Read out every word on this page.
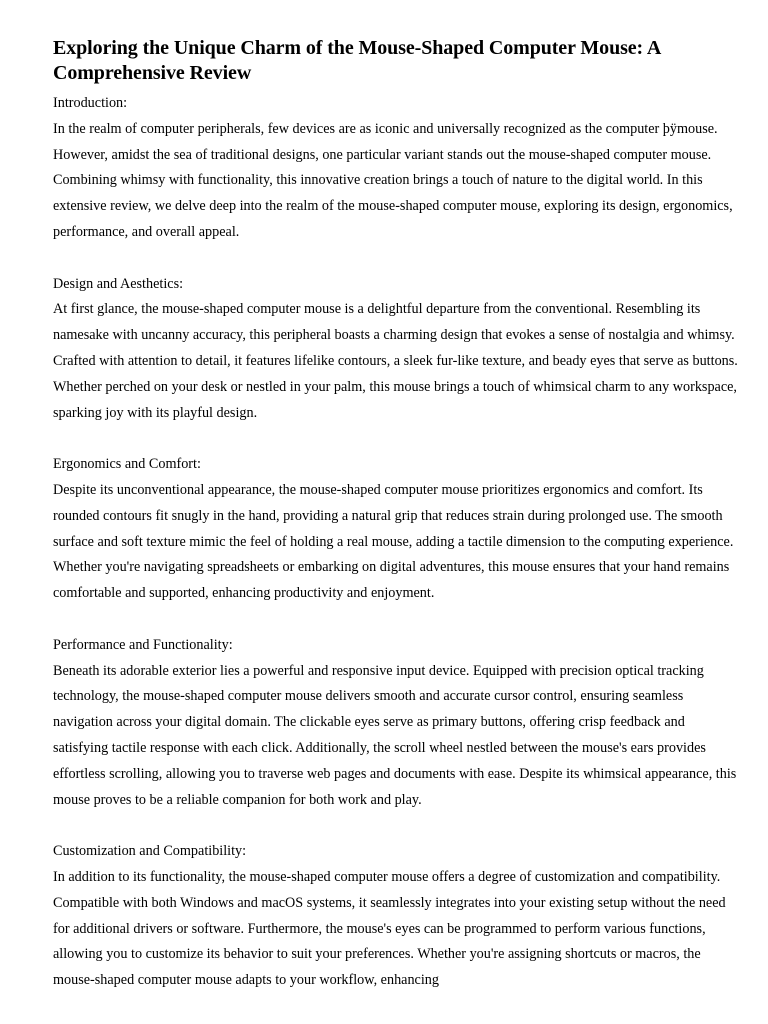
Exploring the Unique Charm of the Mouse-Shaped Computer Mouse: A Comprehensive Review

Introduction:

In the realm of computer peripherals, few devices are as iconic and universally recognized as the computer þÿmouse. However, amidst the sea of traditional designs, one particular variant stands out the mouse-shaped computer mouse. Combining whimsy with functionality, this innovative creation brings a touch of nature to the digital world. In this extensive review, we delve deep into the realm of the mouse-shaped computer mouse, exploring its design, ergonomics, performance, and overall appeal.

Design and Aesthetics:

At first glance, the mouse-shaped computer mouse is a delightful departure from the conventional. Resembling its namesake with uncanny accuracy, this peripheral boasts a charming design that evokes a sense of nostalgia and whimsy. Crafted with attention to detail, it features lifelike contours, a sleek fur-like texture, and beady eyes that serve as buttons. Whether perched on your desk or nestled in your palm, this mouse brings a touch of whimsical charm to any workspace, sparking joy with its playful design.

Ergonomics and Comfort:

Despite its unconventional appearance, the mouse-shaped computer mouse prioritizes ergonomics and comfort. Its rounded contours fit snugly in the hand, providing a natural grip that reduces strain during prolonged use. The smooth surface and soft texture mimic the feel of holding a real mouse, adding a tactile dimension to the computing experience. Whether you're navigating spreadsheets or embarking on digital adventures, this mouse ensures that your hand remains comfortable and supported, enhancing productivity and enjoyment.

Performance and Functionality:

Beneath its adorable exterior lies a powerful and responsive input device. Equipped with precision optical tracking technology, the mouse-shaped computer mouse delivers smooth and accurate cursor control, ensuring seamless navigation across your digital domain. The clickable eyes serve as primary buttons, offering crisp feedback and satisfying tactile response with each click. Additionally, the scroll wheel nestled between the mouse's ears provides effortless scrolling, allowing you to traverse web pages and documents with ease. Despite its whimsical appearance, this mouse proves to be a reliable companion for both work and play.

Customization and Compatibility:

In addition to its functionality, the mouse-shaped computer mouse offers a degree of customization and compatibility. Compatible with both Windows and macOS systems, it seamlessly integrates into your existing setup without the need for additional drivers or software. Furthermore, the mouse's eyes can be programmed to perform various functions, allowing you to customize its behavior to suit your preferences. Whether you're assigning shortcuts or macros, the mouse-shaped computer mouse adapts to your workflow, enhancing
